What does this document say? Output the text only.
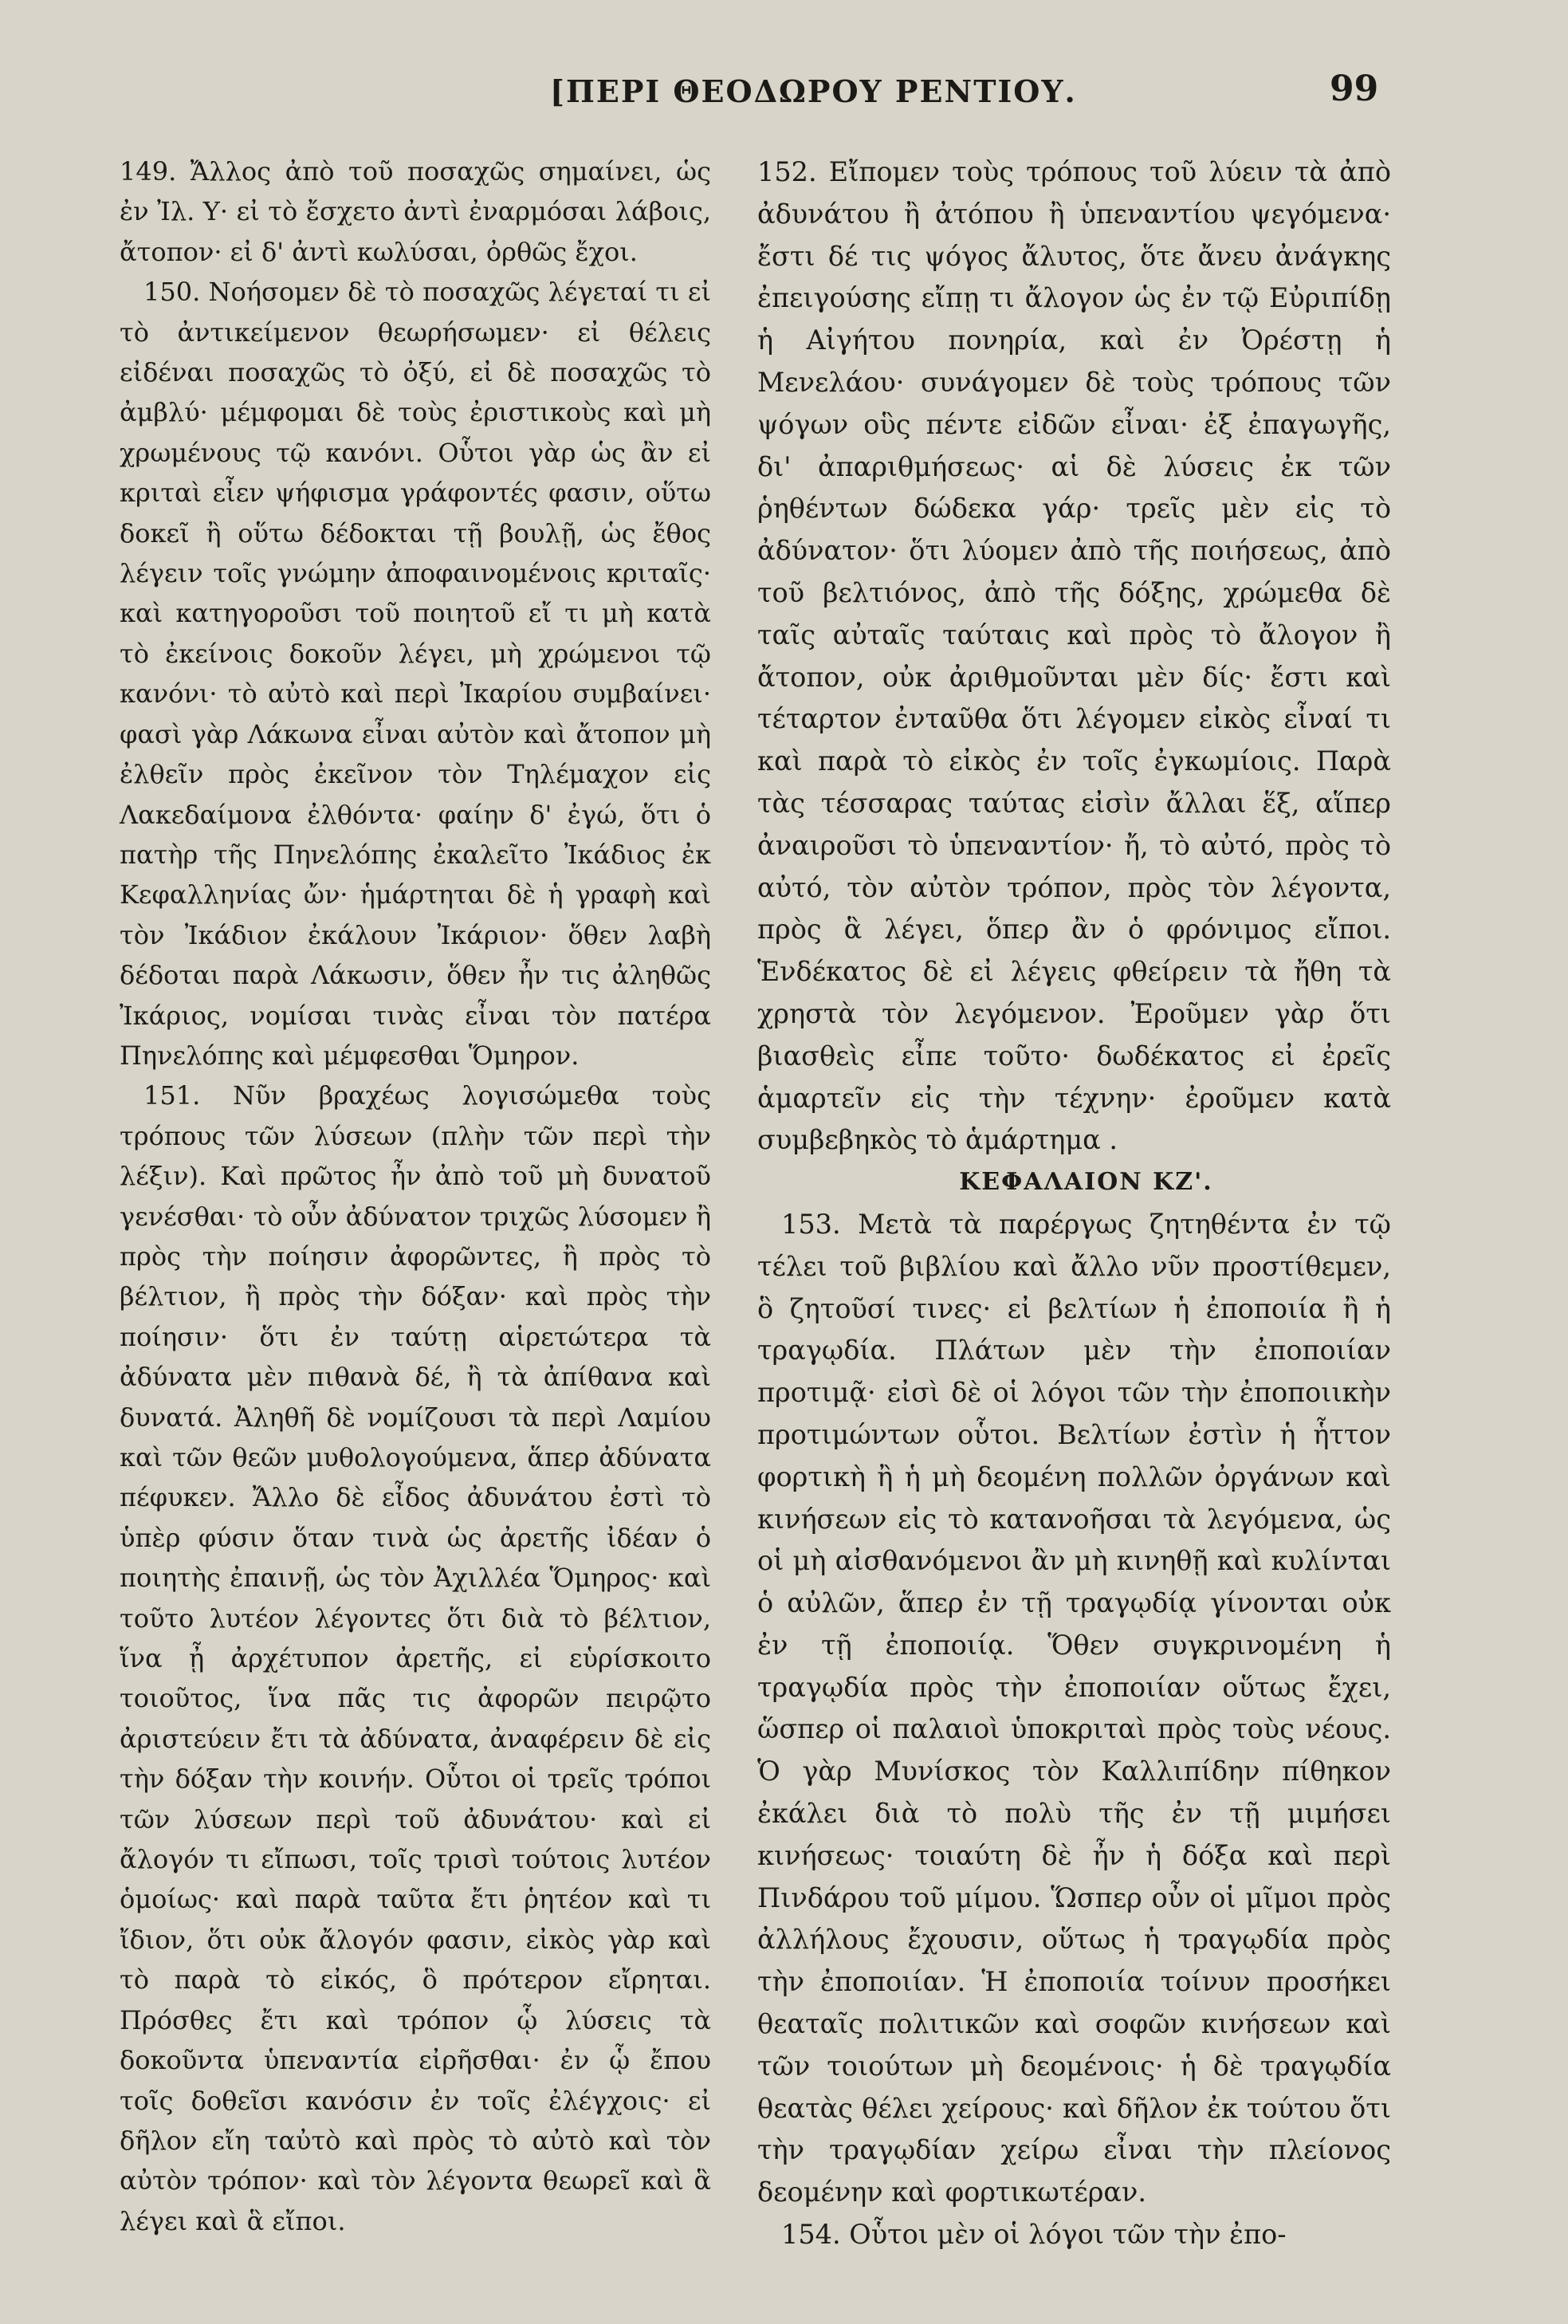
[ΠΕΡΙ ΘΕΟΔΩΡΟΥ ΡΕΝΤΙΟΥ.	99

149. Ἄλλος ἀπὸ τοῦ ποσαχῶς σημαίνει, ὡς ἐν Ἰλ. Υ· εἰ τὸ ἔσχετο ἀντὶ ἐναρμόσαι λάβοις, ἄτοπον· εἰ δ' ἀντὶ κωλύσαι, ὀρθῶς ἔχοι.

150. Νοήσομεν δὲ τὸ ποσαχῶς λέγεταί τι εἰ τὸ ἀντικείμενον θεωρήσωμεν· εἰ θέλεις εἰδέναι ποσαχῶς τὸ ὀξύ, εἰ δὲ ποσαχῶς τὸ ἀμβλύ· μέμφομαι δὲ τοὺς ἐριστικοὺς καὶ μὴ χρωμένους τῷ κανόνι. Οὗτοι γὰρ ὡς ἂν εἰ κριταὶ εἶεν ψήφισμα γράφοντές φασιν, οὕτω δοκεῖ ἢ οὕτω δέδοκται τῇ βουλῇ, ὡς ἔθος λέγειν τοῖς γνώμην ἀποφαινομένοις κριταῖς· καὶ κατηγοροῦσι τοῦ ποιητοῦ εἴ τι μὴ κατὰ τὸ ἐκείνοις δοκοῦν λέγει, μὴ χρώμενοι τῷ κανόνι· τὸ αὐτὸ καὶ περὶ Ἰκαρίου συμβαίνει· φασὶ γὰρ Λάκωνα εἶναι αὐτὸν καὶ ἄτοπον μὴ ἐλθεῖν πρὸς ἐκεῖνον τὸν Τηλέμαχον εἰς Λακεδαίμονα ἐλθόντα· φαίην δ' ἐγώ, ὅτι ὁ πατὴρ τῆς Πηνελόπης ἐκαλεῖτο Ἰκάδιος ἐκ Κεφαλληνίας ὤν· ἡμάρτηται δὲ ἡ γραφὴ καὶ τὸν Ἰκάδιον ἐκάλουν Ἰκάριον· ὅθεν λαβὴ δέδοται παρὰ Λάκωσιν, ὅθεν ἦν τις ἀληθῶς Ἰκάριος, νομίσαι τινὰς εἶναι τὸν πατέρα Πηνελόπης καὶ μέμφεσθαι Ὅμηρον.

151. Νῦν βραχέως λογισώμεθα τοὺς τρόπους τῶν λύσεων (πλὴν τῶν περὶ τὴν λέξιν). Καὶ πρῶτος ἦν ἀπὸ τοῦ μὴ δυνατοῦ γενέσθαι· τὸ οὖν ἀδύνατον τριχῶς λύσομεν ἢ πρὸς τὴν ποίησιν ἀφορῶντες, ἢ πρὸς τὸ βέλτιον, ἢ πρὸς τὴν δόξαν· καὶ πρὸς τὴν ποίησιν· ὅτι ἐν ταύτῃ αἱρετώτερα τὰ ἀδύνατα μὲν πιθανὰ δέ, ἢ τὰ ἀπίθανα καὶ δυνατά. Ἀληθῆ δὲ νομίζουσι τὰ περὶ Λαμίου καὶ τῶν θεῶν μυθολογούμενα, ἅπερ ἀδύνατα πέφυκεν. Ἄλλο δὲ εἶδος ἀδυνάτου ἐστὶ τὸ ὑπὲρ φύσιν ὅταν τινὰ ὡς ἀρετῆς ἰδέαν ὁ ποιητὴς ἐπαινῇ, ὡς τὸν Ἀχιλλέα Ὅμηρος· καὶ τοῦτο λυτέον λέγοντες ὅτι διὰ τὸ βέλτιον, ἵνα ᾖ ἀρχέτυπον ἀρετῆς, εἰ εὑρίσκοιτο τοιοῦτος, ἵνα πᾶς τις ἀφορῶν πειρῷτο ἀριστεύειν ἔτι τὰ ἀδύνατα, ἀναφέρειν δὲ εἰς τὴν δόξαν τὴν κοινήν. Οὗτοι οἱ τρεῖς τρόποι τῶν λύσεων περὶ τοῦ ἀδυνάτου· καὶ εἰ ἄλογόν τι εἴπωσι, τοῖς τρισὶ τούτοις λυτέον ὁμοίως· καὶ παρὰ ταῦτα ἔτι ῥητέον καὶ τι ἴδιον, ὅτι οὐκ ἄλογόν φασιν, εἰκὸς γὰρ καὶ τὸ παρὰ τὸ εἰκός, ὃ πρότερον εἴρηται. Πρόσθες ἔτι καὶ τρόπον ᾧ λύσεις τὰ δοκοῦντα ὑπεναντία εἰρῆσθαι· ἐν ᾧ ἔπου τοῖς δοθεῖσι κανόσιν ἐν τοῖς ἐλέγχοις· εἰ δῆλον εἴη ταὐτὸ καὶ πρὸς τὸ αὐτὸ καὶ τὸν αὐτὸν τρόπον· καὶ τὸν λέγοντα θεωρεῖ καὶ ἃ λέγει καὶ ἃ εἴποι.

152. Εἴπομεν τοὺς τρόπους τοῦ λύειν τὰ ἀπὸ ἀδυνάτου ἢ ἀτόπου ἢ ὑπεναντίου ψεγόμενα· ἔστι δέ τις ψόγος ἄλυτος, ὅτε ἄνευ ἀνάγκης ἐπειγούσης εἴπῃ τι ἄλογον ὡς ἐν τῷ Εὐριπίδῃ ἡ Αἰγήτου πονηρία, καὶ ἐν Ὀρέστῃ ἡ Μενελάου· συνάγομεν δὲ τοὺς τρόπους τῶν ψόγων οὓς πέντε εἰδῶν εἶναι· ἐξ ἐπαγωγῆς, δι' ἀπαριθμήσεως· αἱ δὲ λύσεις ἐκ τῶν ῥηθέντων δώδεκα γάρ· τρεῖς μὲν εἰς τὸ ἀδύνατον· ὅτι λύομεν ἀπὸ τῆς ποιήσεως, ἀπὸ τοῦ βελτιόνος, ἀπὸ τῆς δόξης, χρώμεθα δὲ ταῖς αὐταῖς ταύταις καὶ πρὸς τὸ ἄλογον ἢ ἄτοπον, οὐκ ἀριθμοῦνται μὲν δίς· ἔστι καὶ τέταρτον ἐνταῦθα ὅτι λέγομεν εἰκὸς εἶναί τι καὶ παρὰ τὸ εἰκὸς ἐν τοῖς ἐγκωμίοις. Παρὰ τὰς τέσσαρας ταύτας εἰσὶν ἄλλαι ἕξ, αἵπερ ἀναιροῦσι τὸ ὑπεναντίον· ἤ, τὸ αὐτό, πρὸς τὸ αὐτό, τὸν αὐτὸν τρόπον, πρὸς τὸν λέγοντα, πρὸς ἃ λέγει, ὅπερ ἂν ὁ φρόνιμος εἴποι. Ἑνδέκατος δὲ εἰ λέγεις φθείρειν τὰ ἤθη τὰ χρηστὰ τὸν λεγόμενον. Ἐροῦμεν γὰρ ὅτι βιασθεὶς εἶπε τοῦτο· δωδέκατος εἰ ἐρεῖς ἁμαρτεῖν εἰς τὴν τέχνην· ἐροῦμεν κατὰ συμβεβηκὸς τὸ ἁμάρτημα .

ΚΕΦΑΛΑΙΟΝ ΚΖ'.

153. Μετὰ τὰ παρέργως ζητηθέντα ἐν τῷ τέλει τοῦ βιβλίου καὶ ἄλλο νῦν προστίθεμεν, ὃ ζητοῦσί τινες· εἰ βελτίων ἡ ἐποποιία ἢ ἡ τραγῳδία. Πλάτων μὲν τὴν ἐποποιίαν προτιμᾷ· εἰσὶ δὲ οἱ λόγοι τῶν τὴν ἐποποιικὴν προτιμώντων οὗτοι. Βελτίων ἐστὶν ἡ ἧττον φορτικὴ ἢ ἡ μὴ δεομένη πολλῶν ὀργάνων καὶ κινήσεων εἰς τὸ κατανοῆσαι τὰ λεγόμενα, ὡς οἱ μὴ αἰσθανόμενοι ἂν μὴ κινηθῇ καὶ κυλίνται ὁ αὐλῶν, ἅπερ ἐν τῇ τραγῳδίᾳ γίνονται οὐκ ἐν τῇ ἐποποιίᾳ. Ὅθεν συγκρινομένη ἡ τραγῳδία πρὸς τὴν ἐποποιίαν οὕτως ἔχει, ὥσπερ οἱ παλαιοὶ ὑποκριταὶ πρὸς τοὺς νέους. Ὁ γὰρ Μυνίσκος τὸν Καλλιπίδην πίθηκον ἐκάλει διὰ τὸ πολὺ τῆς ἐν τῇ μιμήσει κινήσεως· τοιαύτη δὲ ἦν ἡ δόξα καὶ περὶ Πινδάρου τοῦ μίμου. Ὥσπερ οὖν οἱ μῖμοι πρὸς ἀλλήλους ἔχουσιν, οὕτως ἡ τραγῳδία πρὸς τὴν ἐποποιίαν. Ἡ ἐποποιία τοίνυν προσήκει θεαταῖς πολιτικῶν καὶ σοφῶν κινήσεων καὶ τῶν τοιούτων μὴ δεομένοις· ἡ δὲ τραγῳδία θεατὰς θέλει χείρους· καὶ δῆλον ἐκ τούτου ὅτι τὴν τραγῳδίαν χείρω εἶναι τὴν πλείονος δεομένην καὶ φορτικωτέραν.

154. Οὗτοι μὲν οἱ λόγοι τῶν τὴν ἐπο-
